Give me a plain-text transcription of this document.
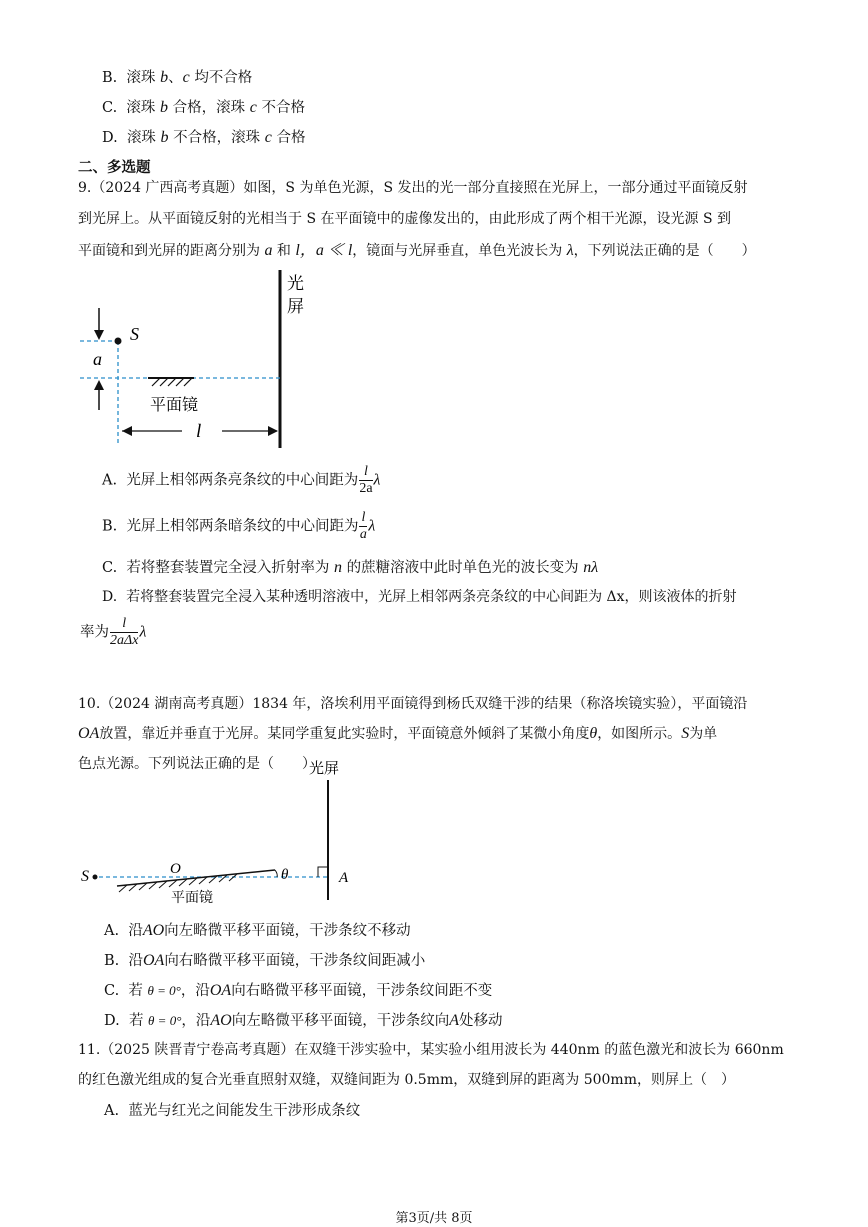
B. 滚珠 b、c 均不合格
C. 滚珠 b 合格，滚珠 c 不合格
D. 滚珠 b 不合格，滚珠 c 合格
二、多选题
9.（2024 广西高考真题）如图，S 为单色光源，S 发出的光一部分直接照在光屏上，一部分通过平面镜反射
到光屏上。从平面镜反射的光相当于 S 在平面镜中的虚像发出的，由此形成了两个相干光源，设光源 S 到
平面镜和到光屏的距离分别为 a 和 l，a ≪ l，镜面与光屏垂直，单色光波长为 λ，下列说法正确的是（　　）
光
屏
S
a
平面镜
l
A. 光屏上相邻两条亮条纹的中心间距为 $\frac{l}{2a}$ λ
B. 光屏上相邻两条暗条纹的中心间距为 $\frac{l}{a}$ λ
C. 若将整套装置完全浸入折射率为 n 的蔗糖溶液中此时单色光的波长变为 nλ
D. 若将整套装置完全浸入某种透明溶液中，光屏上相邻两条亮条纹的中心间距为 Δx，则该液体的折射
率为 $\frac{l}{\text{2aΔx}}$ λ
10.（2024 湖南高考真题）1834 年，洛埃利用平面镜得到杨氏双缝干涉的结果（称洛埃镜实验），平面镜沿
OA放置，靠近并垂直于光屏。某同学重复此实验时，平面镜意外倾斜了某微小角度θ，如图所示。S为单
色点光源。下列说法正确的是（　　）
光屏
S	O	θ	A
平面镜
A. 沿AO向左略微平移平面镜，干涉条纹不移动
B. 沿OA向右略微平移平面镜，干涉条纹间距减小
C. 若 θ = 0°，沿OA向右略微平移平面镜，干涉条纹间距不变
D. 若 θ = 0°，沿AO向左略微平移平面镜，干涉条纹向A处移动
11.（2025 陕晋青宁卷高考真题）在双缝干涉实验中，某实验小组用波长为 440nm 的蓝色激光和波长为 660nm
的红色激光组成的复合光垂直照射双缝，双缝间距为 0.5mm，双缝到屏的距离为 500mm，则屏上（　）
A. 蓝光与红光之间能发生干涉形成条纹
第3页/共 8页
